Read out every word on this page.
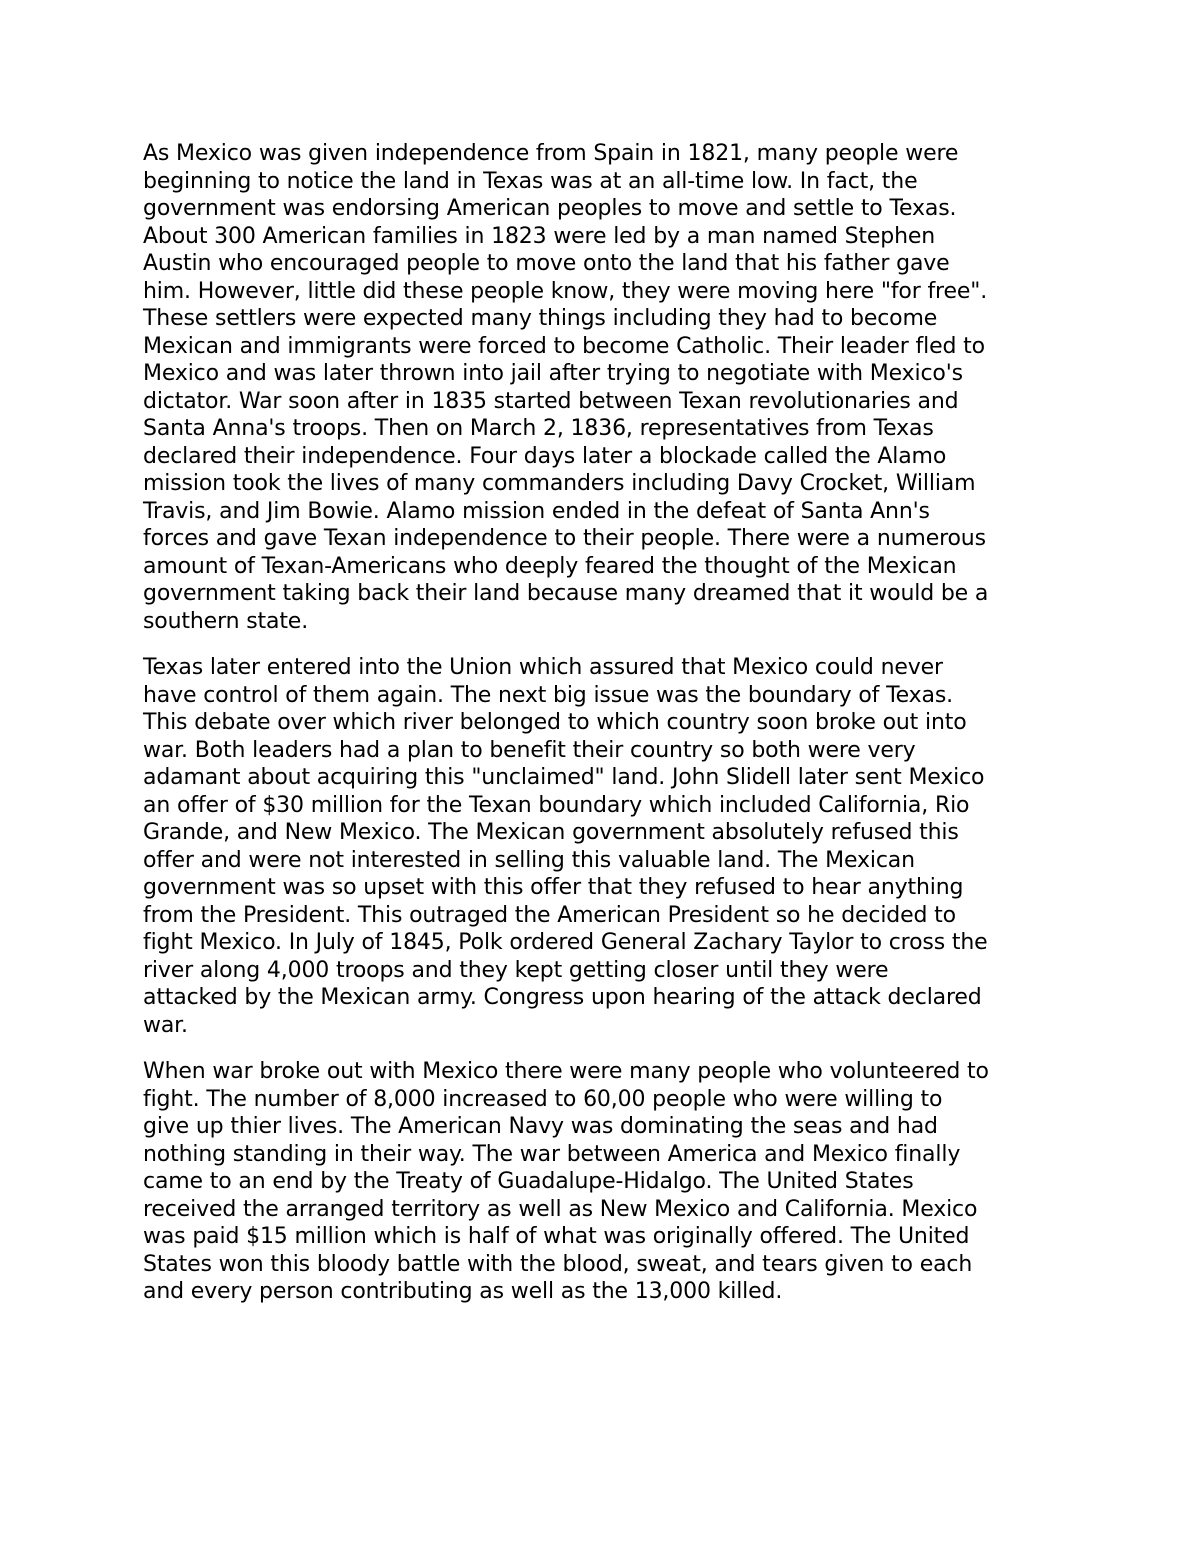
As Mexico was given independence from Spain in 1821, many people were
beginning to notice the land in Texas was at an all-time low. In fact, the
government was endorsing American peoples to move and settle to Texas.
About 300 American families in 1823 were led by a man named Stephen
Austin who encouraged people to move onto the land that his father gave
him. However, little did these people know, they were moving here "for free".
These settlers were expected many things including they had to become
Mexican and immigrants were forced to become Catholic. Their leader fled to
Mexico and was later thrown into jail after trying to negotiate with Mexico's
dictator. War soon after in 1835 started between Texan revolutionaries and
Santa Anna's troops. Then on March 2, 1836, representatives from Texas
declared their independence. Four days later a blockade called the Alamo
mission took the lives of many commanders including Davy Crocket, William
Travis, and Jim Bowie. Alamo mission ended in the defeat of Santa Ann's
forces and gave Texan independence to their people. There were a numerous
amount of Texan-Americans who deeply feared the thought of the Mexican
government taking back their land because many dreamed that it would be a
southern state.

Texas later entered into the Union which assured that Mexico could never
have control of them again. The next big issue was the boundary of Texas.
This debate over which river belonged to which country soon broke out into
war. Both leaders had a plan to benefit their country so both were very
adamant about acquiring this "unclaimed" land. John Slidell later sent Mexico
an offer of $30 million for the Texan boundary which included California, Rio
Grande, and New Mexico. The Mexican government absolutely refused this
offer and were not interested in selling this valuable land. The Mexican
government was so upset with this offer that they refused to hear anything
from the President. This outraged the American President so he decided to
fight Mexico. In July of 1845, Polk ordered General Zachary Taylor to cross the
river along 4,000 troops and they kept getting closer until they were
attacked by the Mexican army. Congress upon hearing of the attack declared
war.

When war broke out with Mexico there were many people who volunteered to
fight. The number of 8,000 increased to 60,00 people who were willing to
give up thier lives. The American Navy was dominating the seas and had
nothing standing in their way. The war between America and Mexico finally
came to an end by the Treaty of Guadalupe-Hidalgo. The United States
received the arranged territory as well as New Mexico and California. Mexico
was paid $15 million which is half of what was originally offered. The United
States won this bloody battle with the blood, sweat, and tears given to each
and every person contributing as well as the 13,000 killed.
